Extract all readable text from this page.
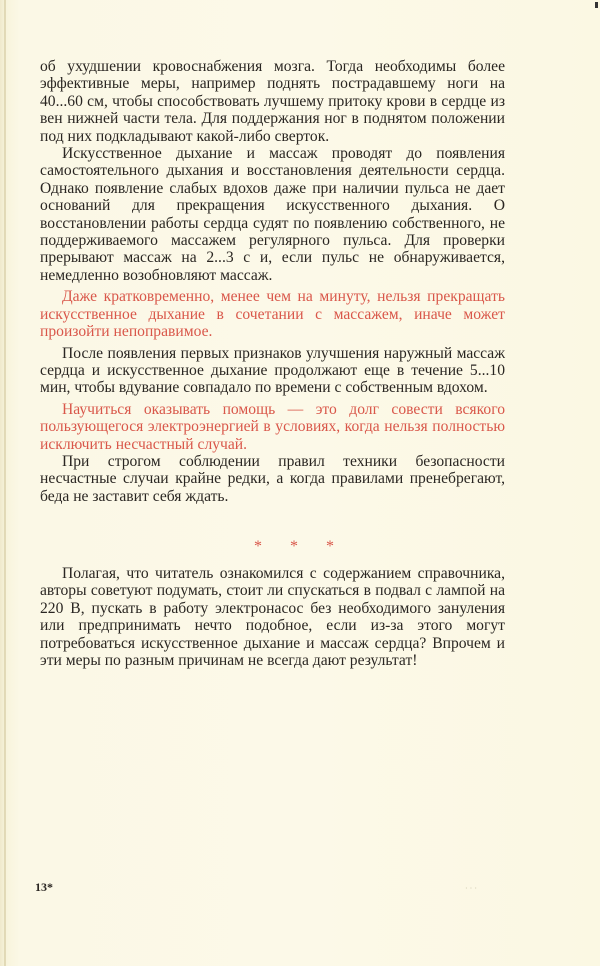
об ухудшении кровоснабжения мозга. Тогда необходимы более эффективные меры, например поднять пострадавшему ноги на 40...60 см, чтобы способствовать лучшему притоку крови в сердце из вен нижней части тела. Для поддержания ног в поднятом положении под них подкладывают какой-либо сверток.

Искусственное дыхание и массаж проводят до появления самостоятельного дыхания и восстановления деятельности сердца. Однако появление слабых вдохов даже при наличии пульса не дает оснований для прекращения искусственного дыхания. О восстановлении работы сердца судят по появлению собственного, не поддерживаемого массажем регулярного пульса. Для проверки прерывают массаж на 2...3 с и, если пульс не обнаруживается, немедленно возобновляют массаж.

Даже кратковременно, менее чем на минуту, нельзя прекращать искусственное дыхание в сочетании с массажем, иначе может произойти непоправимое.

После появления первых признаков улучшения наружный массаж сердца и искусственное дыхание продолжают еще в течение 5...10 мин, чтобы вдувание совпадало по времени с собственным вдохом.

Научиться оказывать помощь — это долг совести всякого пользующегося электроэнергией в условиях, когда нельзя полностью исключить несчастный случай.

При строгом соблюдении правил техники безопасности несчастные случаи крайне редки, а когда правилами пренебрегают, беда не заставит себя ждать.

* * *

Полагая, что читатель ознакомился с содержанием справочника, авторы советуют подумать, стоит ли спускаться в подвал с лампой на 220 В, пускать в работу электронасос без необходимого зануления или предпринимать нечто подобное, если из-за этого могут потребоваться искусственное дыхание и массаж сердца? Впрочем и эти меры по разным причинам не всегда дают результат!

13*	· · ·
